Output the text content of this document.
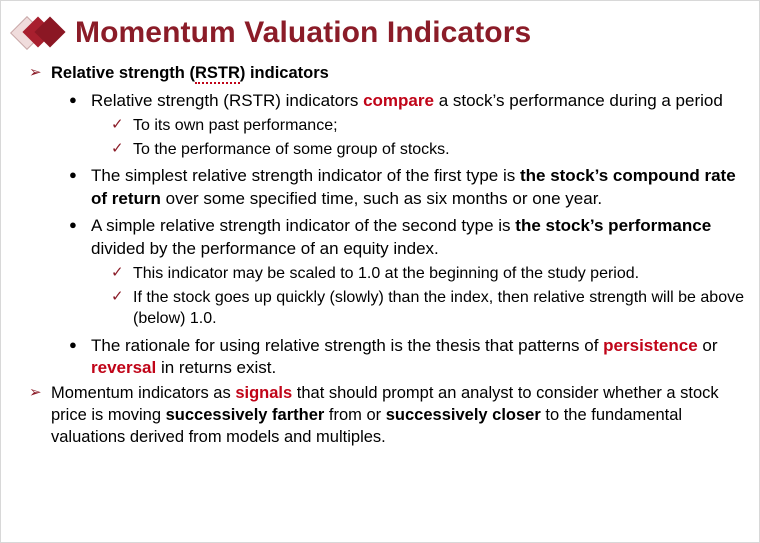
Momentum Valuation Indicators
➢ Relative strength (RSTR) indicators
● Relative strength (RSTR) indicators compare a stock’s performance during a period
✓ To its own past performance;
✓ To the performance of some group of stocks.
● The simplest relative strength indicator of the first type is the stock’s compound rate of return over some specified time, such as six months or one year.
● A simple relative strength indicator of the second type is the stock’s performance divided by the performance of an equity index.
✓ This indicator may be scaled to 1.0 at the beginning of the study period.
✓ If the stock goes up quickly (slowly) than the index, then relative strength will be above (below) 1.0.
● The rationale for using relative strength is the thesis that patterns of persistence or reversal in returns exist.
➢ Momentum indicators as signals that should prompt an analyst to consider whether a stock price is moving successively farther from or successively closer to the fundamental valuations derived from models and multiples.
